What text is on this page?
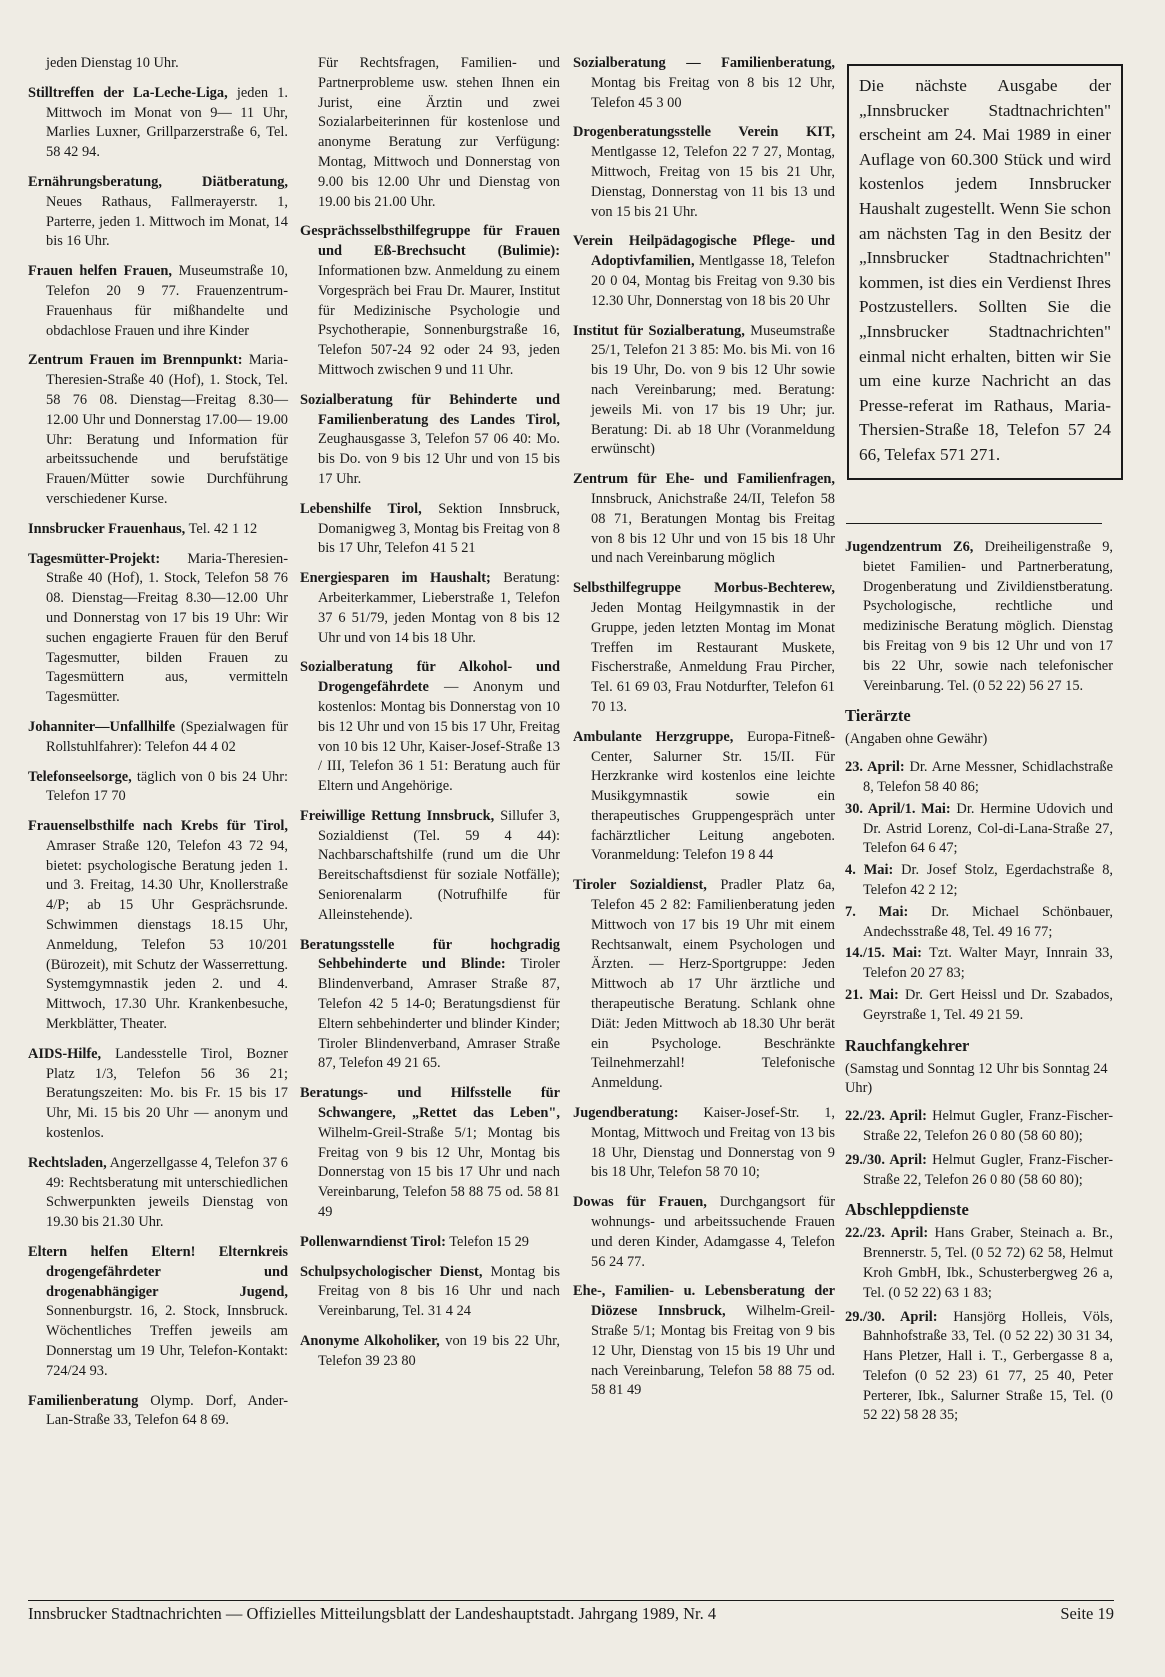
jeden Dienstag 10 Uhr.

Stilltreffen der La-Leche-Liga, jeden 1. Mittwoch im Monat von 9— 11 Uhr, Marlies Luxner, Grillparzerstraße 6, Tel. 58 42 94.

Ernährungsberatung, Diätberatung, Neues Rathaus, Fallmerayerstr. 1, Parterre, jeden 1. Mittwoch im Monat, 14 bis 16 Uhr.

Frauen helfen Frauen, Museumstraße 10, Telefon 20 9 77. Frauenzentrum-Frauenhaus für mißhandelte und obdachlose Frauen und ihre Kinder

Zentrum Frauen im Brennpunkt: Maria-Theresien-Straße 40 (Hof), 1. Stock, Tel. 58 76 08. Dienstag—Freitag 8.30— 12.00 Uhr und Donnerstag 17.00— 19.00 Uhr: Beratung und Information für arbeitssuchende und berufstätige Frauen/Mütter sowie Durchführung verschiedener Kurse.

Innsbrucker Frauenhaus, Tel. 42 1 12

Tagesmütter-Projekt: Maria-Theresien-Straße 40 (Hof), 1. Stock, Telefon 58 76 08. Dienstag—Freitag 8.30—12.00 Uhr und Donnerstag von 17 bis 19 Uhr: Wir suchen engagierte Frauen für den Beruf Tagesmutter, bilden Frauen zu Tagesmüttern aus, vermitteln Tagesmütter.

Johanniter—Unfallhilfe (Spezialwagen für Rollstuhlfahrer): Telefon 44 4 02

Telefonseelsorge, täglich von 0 bis 24 Uhr: Telefon 17 70

Frauenselbsthilfe nach Krebs für Tirol, Amraser Straße 120, Telefon 43 72 94, bietet: psychologische Beratung jeden 1. und 3. Freitag, 14.30 Uhr, Knollerstraße 4/P; ab 15 Uhr Gesprächsrunde. Schwimmen dienstags 18.15 Uhr, Anmeldung, Telefon 53 10/201 (Bürozeit), mit Schutz der Wasserrettung. Systemgymnastik jeden 2. und 4. Mittwoch, 17.30 Uhr. Krankenbesuche, Merkblätter, Theater.

AIDS-Hilfe, Landesstelle Tirol, Bozner Platz 1/3, Telefon 56 36 21; Beratungszeiten: Mo. bis Fr. 15 bis 17 Uhr, Mi. 15 bis 20 Uhr — anonym und kostenlos.

Rechtsladen, Angerzellgasse 4, Telefon 37 6 49: Rechtsberatung mit unterschiedlichen Schwerpunkten jeweils Dienstag von 19.30 bis 21.30 Uhr.

Eltern helfen Eltern! Elternkreis drogengefährdeter und drogenabhängiger Jugend, Sonnenburgstr. 16, 2. Stock, Innsbruck. Wöchentliches Treffen jeweils am Donnerstag um 19 Uhr, Telefon-Kontakt: 724/24 93.

Familienberatung Olymp. Dorf, Ander-Lan-Straße 33, Telefon 64 8 69.

Für Rechtsfragen, Familien- und Partnerprobleme usw. stehen Ihnen ein Jurist, eine Ärztin und zwei Sozialarbeiterinnen für kostenlose und anonyme Beratung zur Verfügung: Montag, Mittwoch und Donnerstag von 9.00 bis 12.00 Uhr und Dienstag von 19.00 bis 21.00 Uhr.

Gesprächsselbsthilfegruppe für Frauen und Eß-Brechsucht (Bulimie): Informationen bzw. Anmeldung zu einem Vorgespräch bei Frau Dr. Maurer, Institut für Medizinische Psychologie und Psychotherapie, Sonnenburgstraße 16, Telefon 507-24 92 oder 24 93, jeden Mittwoch zwischen 9 und 11 Uhr.

Sozialberatung für Behinderte und Familienberatung des Landes Tirol, Zeughausgasse 3, Telefon 57 06 40: Mo. bis Do. von 9 bis 12 Uhr und von 15 bis 17 Uhr.

Lebenshilfe Tirol, Sektion Innsbruck, Domanigweg 3, Montag bis Freitag von 8 bis 17 Uhr, Telefon 41 5 21

Energiesparen im Haushalt; Beratung: Arbeiterkammer, Lieberstraße 1, Telefon 37 6 51/79, jeden Montag von 8 bis 12 Uhr und von 14 bis 18 Uhr.

Sozialberatung für Alkohol- und Drogengefährdete — Anonym und kostenlos: Montag bis Donnerstag von 10 bis 12 Uhr und von 15 bis 17 Uhr, Freitag von 10 bis 12 Uhr, Kaiser-Josef-Straße 13 / III, Telefon 36 1 51: Beratung auch für Eltern und Angehörige.

Freiwillige Rettung Innsbruck, Sillufer 3, Sozialdienst (Tel. 59 4 44): Nachbarschaftshilfe (rund um die Uhr Bereitschaftsdienst für soziale Notfälle); Seniorenalarm (Notrufhilfe für Alleinstehende).

Beratungsstelle für hochgradig Sehbehinderte und Blinde: Tiroler Blindenverband, Amraser Straße 87, Telefon 42 5 14-0; Beratungsdienst für Eltern sehbehinderter und blinder Kinder; Tiroler Blindenverband, Amraser Straße 87, Telefon 49 21 65.

Beratungs- und Hilfsstelle für Schwangere, „Rettet das Leben", Wilhelm-Greil-Straße 5/1; Montag bis Freitag von 9 bis 12 Uhr, Montag bis Donnerstag von 15 bis 17 Uhr und nach Vereinbarung, Telefon 58 88 75 od. 58 81 49

Pollenwarndienst Tirol: Telefon 15 29

Schulpsychologischer Dienst, Montag bis Freitag von 8 bis 16 Uhr und nach Vereinbarung, Tel. 31 4 24

Anonyme Alkoholiker, von 19 bis 22 Uhr, Telefon 39 23 80

Sozialberatung — Familienberatung, Montag bis Freitag von 8 bis 12 Uhr, Telefon 45 3 00

Drogenberatungsstelle Verein KIT, Mentlgasse 12, Telefon 22 7 27, Montag, Mittwoch, Freitag von 15 bis 21 Uhr, Dienstag, Donnerstag von 11 bis 13 und von 15 bis 21 Uhr.

Verein Heilpädagogische Pflege- und Adoptivfamilien, Mentlgasse 18, Telefon 20 0 04, Montag bis Freitag von 9.30 bis 12.30 Uhr, Donnerstag von 18 bis 20 Uhr

Institut für Sozialberatung, Museumstraße 25/1, Telefon 21 3 85: Mo. bis Mi. von 16 bis 19 Uhr, Do. von 9 bis 12 Uhr sowie nach Vereinbarung; med. Beratung: jeweils Mi. von 17 bis 19 Uhr; jur. Beratung: Di. ab 18 Uhr (Voranmeldung erwünscht)

Zentrum für Ehe- und Familienfragen, Innsbruck, Anichstraße 24/II, Telefon 58 08 71, Beratungen Montag bis Freitag von 8 bis 12 Uhr und von 15 bis 18 Uhr und nach Vereinbarung möglich

Selbsthilfegruppe Morbus-Bechterew, Jeden Montag Heilgymnastik in der Gruppe, jeden letzten Montag im Monat Treffen im Restaurant Muskete, Fischerstraße, Anmeldung Frau Pircher, Tel. 61 69 03, Frau Notdurfter, Telefon 61 70 13.

Ambulante Herzgruppe, Europa-Fitneß-Center, Salurner Str. 15/II. Für Herzkranke wird kostenlos eine leichte Musikgymnastik sowie ein therapeutisches Gruppengespräch unter fachärztlicher Leitung angeboten. Voranmeldung: Telefon 19 8 44

Tiroler Sozialdienst, Pradler Platz 6a, Telefon 45 2 82: Familienberatung jeden Mittwoch von 17 bis 19 Uhr mit einem Rechtsanwalt, einem Psychologen und Ärzten. — Herz-Sportgruppe: Jeden Mittwoch ab 17 Uhr ärztliche und therapeutische Beratung. Schlank ohne Diät: Jeden Mittwoch ab 18.30 Uhr berät ein Psychologe. Beschränkte Teilnehmerzahl! Telefonische Anmeldung.

Jugendberatung: Kaiser-Josef-Str. 1, Montag, Mittwoch und Freitag von 13 bis 18 Uhr, Dienstag und Donnerstag von 9 bis 18 Uhr, Telefon 58 70 10;

Dowas für Frauen, Durchgangsort für wohnungs- und arbeitssuchende Frauen und deren Kinder, Adamgasse 4, Telefon 56 24 77.

Ehe-, Familien- u. Lebensberatung der Diözese Innsbruck, Wilhelm-Greil-Straße 5/1; Montag bis Freitag von 9 bis 12 Uhr, Dienstag von 15 bis 19 Uhr und nach Vereinbarung, Telefon 58 88 75 od. 58 81 49

Die nächste Ausgabe der „Innsbrucker Stadtnachrichten" erscheint am 24. Mai 1989 in einer Auflage von 60.300 Stück und wird kostenlos jedem Innsbrucker Haushalt zugestellt. Wenn Sie schon am nächsten Tag in den Besitz der „Innsbrucker Stadtnachrichten" kommen, ist dies ein Verdienst Ihres Postzustellers. Sollten Sie die „Innsbrucker Stadtnachrichten" einmal nicht erhalten, bitten wir Sie um eine kurze Nachricht an das Presse-referat im Rathaus, Maria-Thersien-Straße 18, Telefon 57 24 66, Telefax 571 271.

Jugendzentrum Z6, Dreiheiligenstraße 9, bietet Familien- und Partnerberatung, Drogenberatung und Zivildienstberatung. Psychologische, rechtliche und medizinische Beratung möglich. Dienstag bis Freitag von 9 bis 12 Uhr und von 17 bis 22 Uhr, sowie nach telefonischer Vereinbarung. Tel. (0 52 22) 56 27 15.

Tierärzte
(Angaben ohne Gewähr)

23. April: Dr. Arne Messner, Schidlachstraße 8, Telefon 58 40 86;

30. April/1. Mai: Dr. Hermine Udovich und Dr. Astrid Lorenz, Col-di-Lana-Straße 27, Telefon 64 6 47;

4. Mai: Dr. Josef Stolz, Egerdachstraße 8, Telefon 42 2 12;

7. Mai: Dr. Michael Schönbauer, Andechsstraße 48, Tel. 49 16 77;

14./15. Mai: Tzt. Walter Mayr, Innrain 33, Telefon 20 27 83;

21. Mai: Dr. Gert Heissl und Dr. Szabados, Geyrstraße 1, Tel. 49 21 59.

Rauchfangkehrer
(Samstag und Sonntag 12 Uhr bis Sonntag 24 Uhr)

22./23. April: Helmut Gugler, Franz-Fischer-Straße 22, Telefon 26 0 80 (58 60 80);

29./30. April: Helmut Gugler, Franz-Fischer-Straße 22, Telefon 26 0 80 (58 60 80);

Abschleppdienste

22./23. April: Hans Graber, Steinach a. Br., Brennerstr. 5, Tel. (0 52 72) 62 58, Helmut Kroh GmbH, Ibk., Schusterbergweg 26 a, Tel. (0 52 22) 63 1 83;

29./30. April: Hansjörg Holleis, Völs, Bahnhofstraße 33, Tel. (0 52 22) 30 31 34, Hans Pletzer, Hall i. T., Gerbergasse 8 a, Telefon (0 52 23) 61 77, 25 40, Peter Perterer, Ibk., Salurner Straße 15, Tel. (0 52 22) 58 28 35;

Innsbrucker Stadtnachrichten — Offizielles Mitteilungsblatt der Landeshauptstadt. Jahrgang 1989, Nr. 4	Seite 19
